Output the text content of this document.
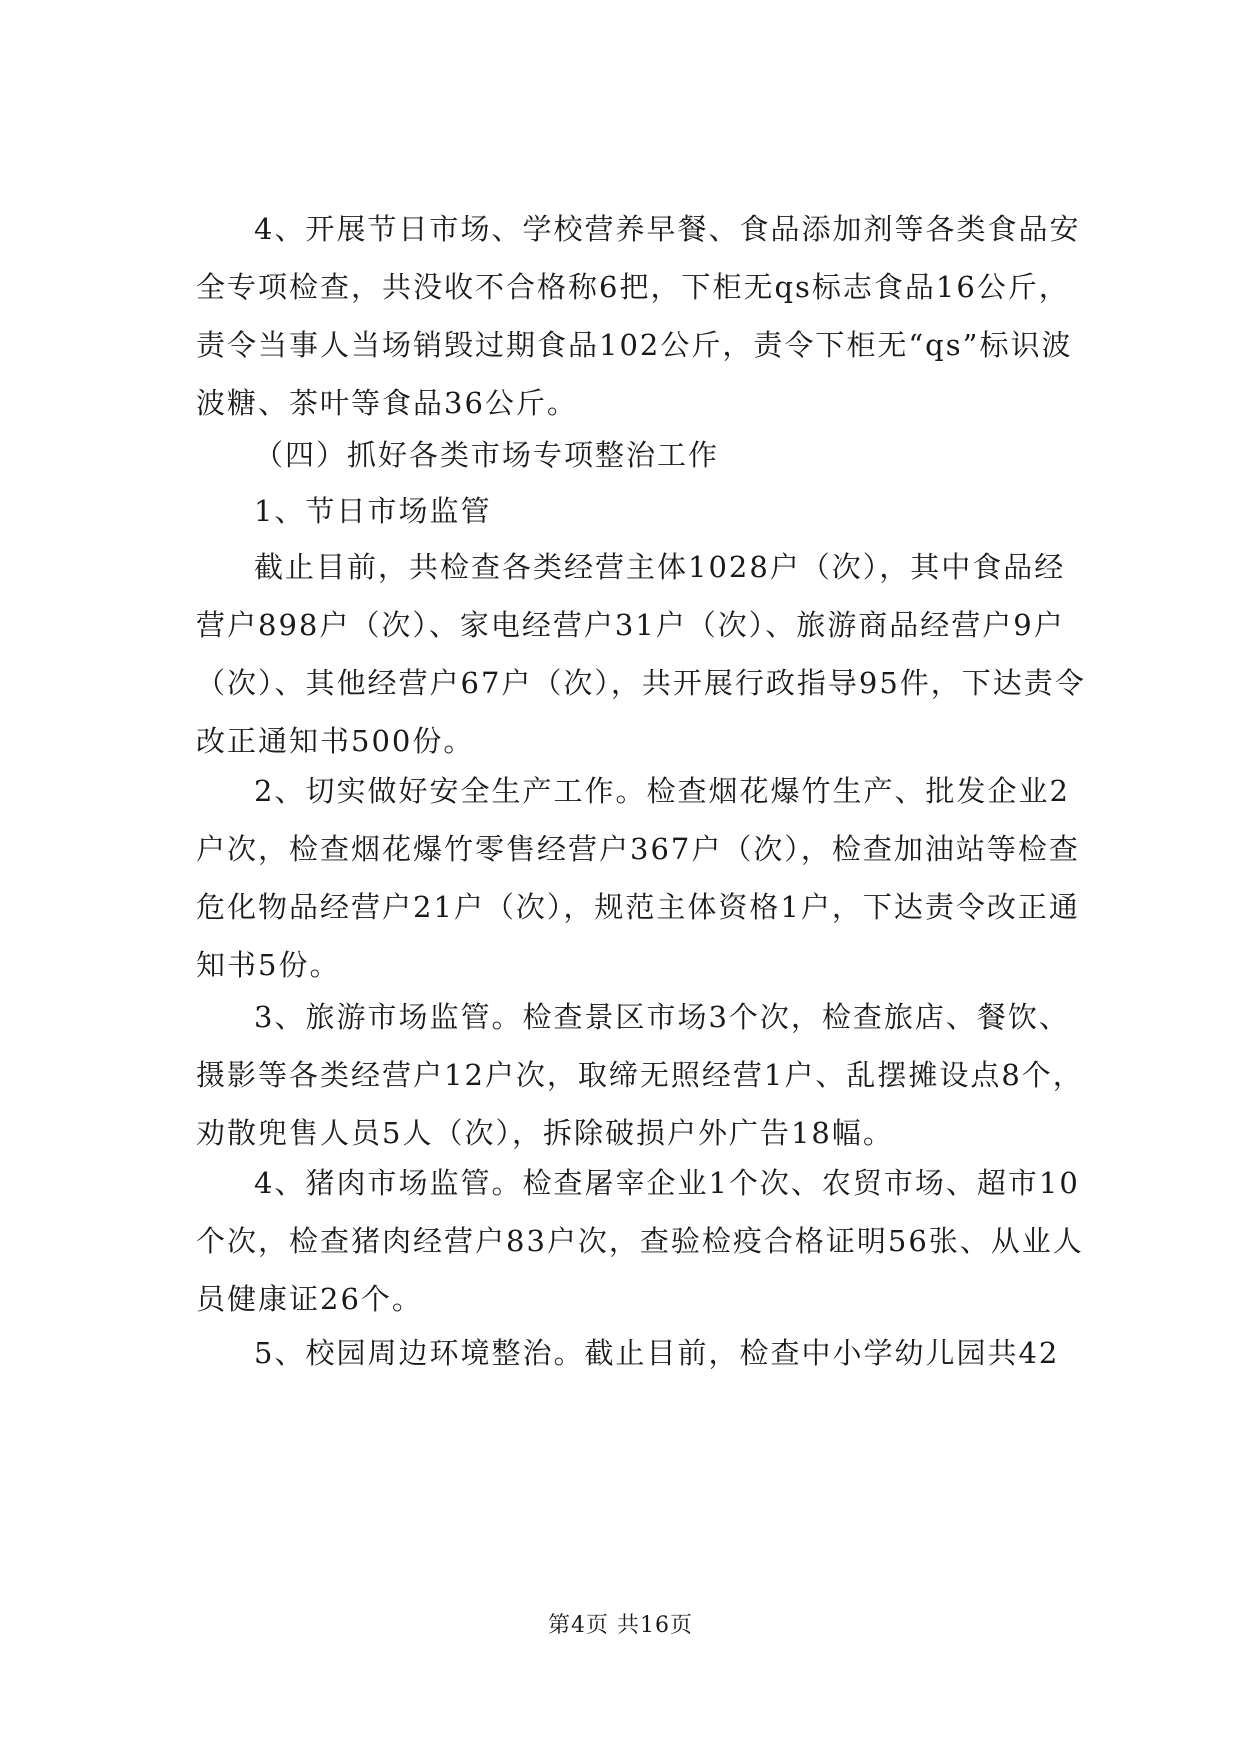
4、开展节日市场、学校营养早餐、食品添加剂等各类食品安全专项检查，共没收不合格称6把，下柜无qs标志食品16公斤，责令当事人当场销毁过期食品102公斤，责令下柜无“qs”标识波波糖、茶叶等食品36公斤。

（四）抓好各类市场专项整治工作

1、节日市场监管

截止目前，共检查各类经营主体1028户（次），其中食品经营户898户（次）、家电经营户31户（次）、旅游商品经营户9户（次）、其他经营户67户（次），共开展行政指导95件，下达责令改正通知书500份。

2、切实做好安全生产工作。检查烟花爆竹生产、批发企业2户次，检查烟花爆竹零售经营户367户（次），检查加油站等检查危化物品经营户21户（次），规范主体资格1户，下达责令改正通知书5份。

3、旅游市场监管。检查景区市场3个次，检查旅店、餐饮、摄影等各类经营户12户次，取缔无照经营1户、乱摆摊设点8个，劝散兜售人员5人（次），拆除破损户外广告18幅。

4、猪肉市场监管。检查屠宰企业1个次、农贸市场、超市10个次，检查猪肉经营户83户次，查验检疫合格证明56张、从业人员健康证26个。

5、校园周边环境整治。截止目前，检查中小学幼儿园共42

第4页 共16页
